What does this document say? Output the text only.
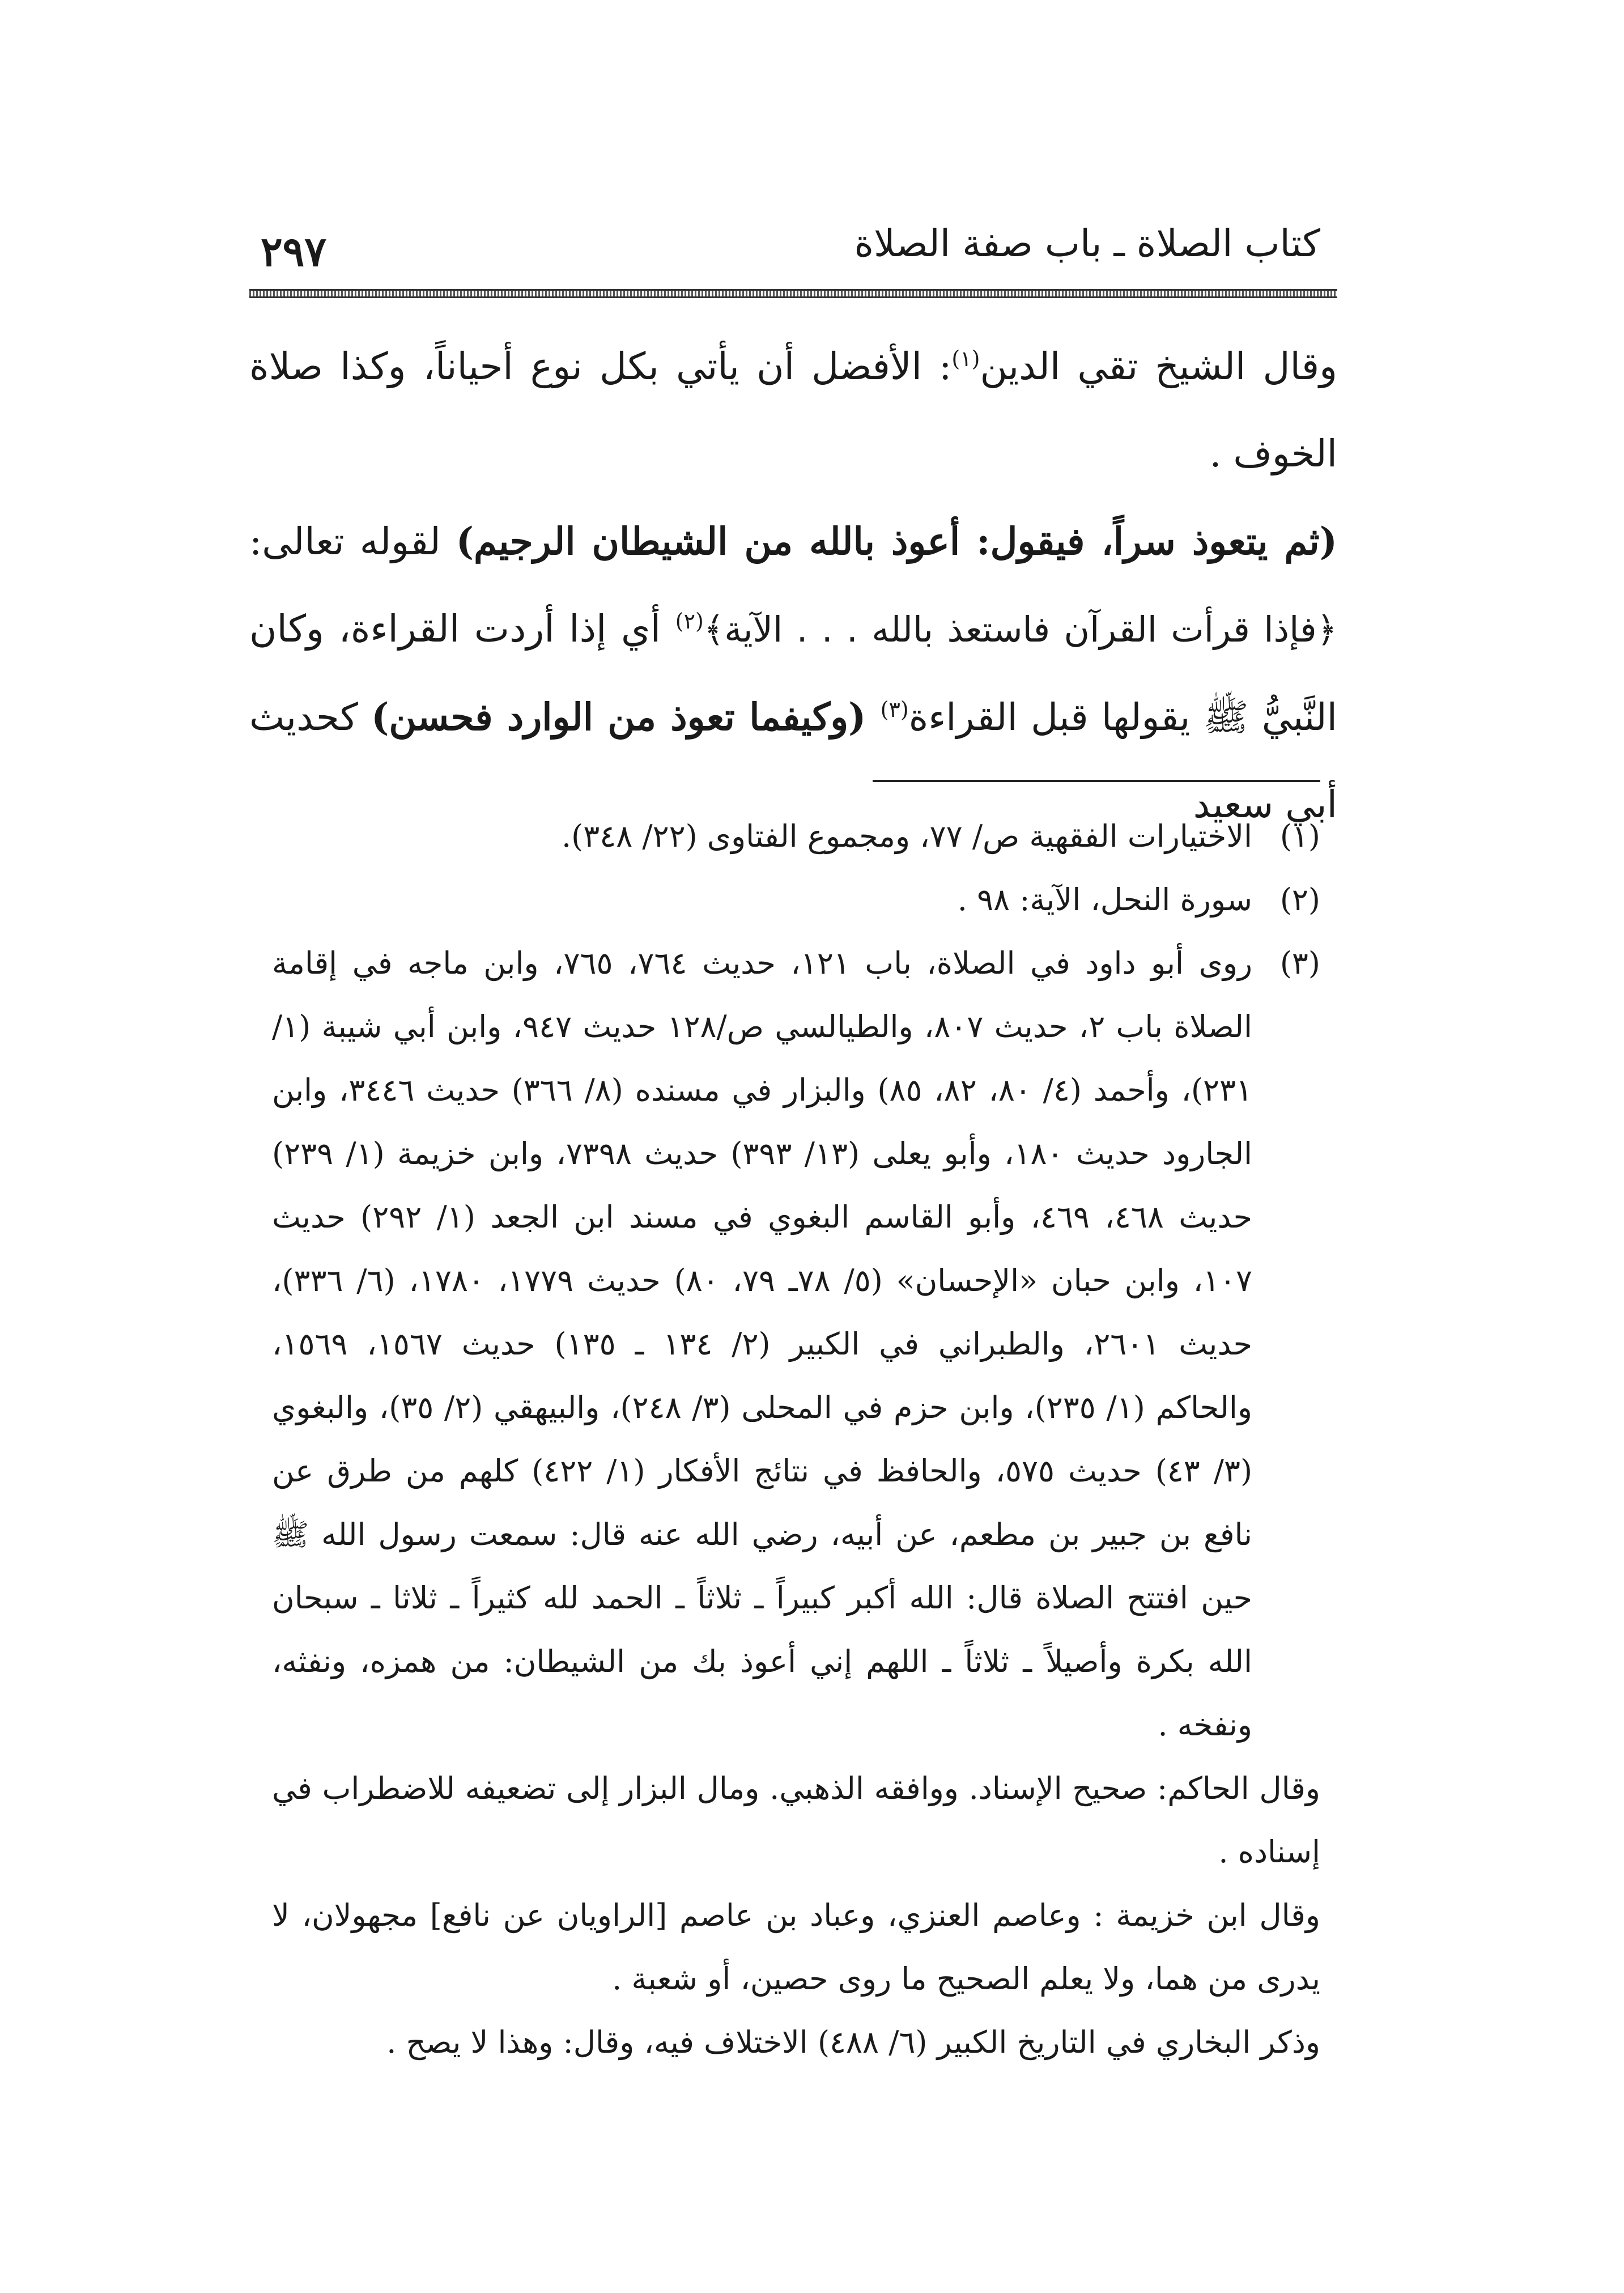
كتاب الصلاة ـ باب صفة الصلاة
٢٩٧

وقال الشيخ تقي الدين$^{(١)}$: الأفضل أن يأتي بكل نوع أحياناً، وكذا صلاة الخوف .

(ثم يتعوذ سراً، فيقول: أعوذ بالله من الشيطان الرجيم) لقوله تعالى: ﴿فإذا قرأت القرآن فاستعذ بالله . . . الآية﴾$^{(٢)}$ أي إذا أردت القراءة، وكان النَّبيُّ ﷺ يقولها قبل القراءة$^{(٣)}$ (وكيفما تعوذ من الوارد فحسن) كحديث أبي سعيد

(١)
الاختيارات الفقهية ص/ ٧٧، ومجموع الفتاوى (٢٢/ ٣٤٨).
(٢)
سورة النحل، الآية: ٩٨ .
(٣)
روى أبو داود في الصلاة، باب ١٢١، حديث ٧٦٤، ٧٦٥، وابن ماجه في إقامة الصلاة باب ٢، حديث ٨٠٧، والطيالسي ص/١٢٨ حديث ٩٤٧، وابن أبي شيبة (١/ ٢٣١)، وأحمد (٤/ ٨٠، ٨٢، ٨٥) والبزار في مسنده (٨/ ٣٦٦) حديث ٣٤٤٦، وابن الجارود حديث ١٨٠، وأبو يعلى (١٣/ ٣٩٣) حديث ٧٣٩٨، وابن خزيمة (١/ ٢٣٩) حديث ٤٦٨، ٤٦٩، وأبو القاسم البغوي في مسند ابن الجعد (١/ ٢٩٢) حديث ١٠٧، وابن حبان «الإحسان» (٥/ ٧٨ـ ٧٩، ٨٠) حديث ١٧٧٩، ١٧٨٠، (٦/ ٣٣٦)، حديث ٢٦٠١، والطبراني في الكبير (٢/ ١٣٤ ـ ١٣٥) حديث ١٥٦٧، ١٥٦٩، والحاكم (١/ ٢٣٥)، وابن حزم في المحلى (٣/ ٢٤٨)، والبيهقي (٢/ ٣٥)، والبغوي (٣/ ٤٣) حديث ٥٧٥، والحافظ في نتائج الأفكار (١/ ٤٢٢) كلهم من طرق عن نافع بن جبير بن مطعم، عن أبيه، رضي الله عنه قال: سمعت رسول الله ﷺ حين افتتح الصلاة قال: الله أكبر كبيراً ـ ثلاثاً ـ الحمد لله كثيراً ـ ثلاثا ـ سبحان الله بكرة وأصيلاً ـ ثلاثاً ـ اللهم إني أعوذ بك من الشيطان: من همزه، ونفثه، ونفخه .

وقال الحاكم: صحيح الإسناد. ووافقه الذهبي. ومال البزار إلى تضعيفه للاضطراب في إسناده .

وقال ابن خزيمة : وعاصم العنزي، وعباد بن عاصم [الراويان عن نافع] مجهولان، لا يدرى من هما، ولا يعلم الصحيح ما روى حصين، أو شعبة .

وذكر البخاري في التاريخ الكبير (٦/ ٤٨٨) الاختلاف فيه، وقال: وهذا لا يصح .
